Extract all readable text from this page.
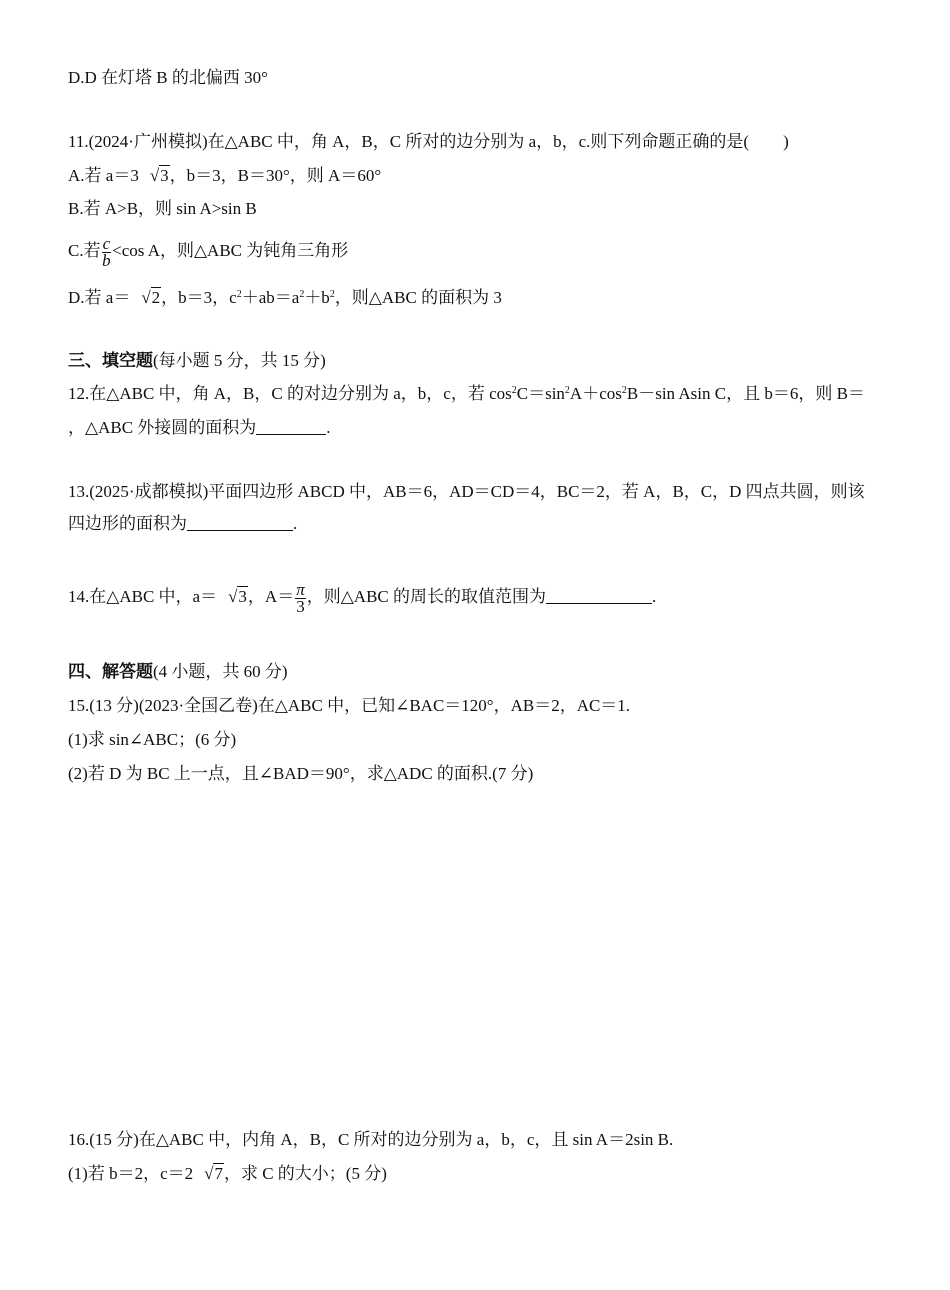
D.D 在灯塔 B 的北偏西 30°
11.(2024·广州模拟)在△ABC 中，角 A，B，C 所对的边分别为 a，b，c.则下列命题正确的是(　　)
A.若 a＝3 √3，b＝3，B＝30°，则 A＝60°
B.若 A>B，则 sin A>sin B
C.若 $\frac{c}{b} <\cos$ A，则△ABC 为钝角三角形
D.若 a＝ √2，b＝3，$c^2+ab=a^2+b^2$，则△ABC 的面积为 3
三、填空题(每小题 5 分，共 15 分)
12.在△ABC 中，角 A，B，C 的对边分别为 a，b，c，若 $\cos^2C=\sin^2A+\cos^2B-\sin$ Asin C，且 b＝6，则 B＝
，△ABC 外接圆的面积为	.
13.(2025·成都模拟)平面四边形 ABCD 中，AB＝6，AD＝CD＝4，BC＝2，若 A，B，C，D 四点共圆，则该
四边形的面积为	.
14.在△ABC 中，a＝ √3，$A= \frac{\pi}{3}$ ，则△ABC 的周长的取值范围为	.
四、解答题(4 小题，共 60 分)
15.(13 分)(2023·全国乙卷)在△ABC 中，已知∠BAC＝120°，AB＝2，AC＝1.
(1)求 sin∠ABC；(6 分)
(2)若 D 为 BC 上一点，且∠BAD＝90°，求△ADC 的面积.(7 分)
16.(15 分)在△ABC 中，内角 A，B，C 所对的边分别为 a，b，c，且 sin A＝2sin B.
(1)若 b＝2，c＝2 √7，求 C 的大小；(5 分)
